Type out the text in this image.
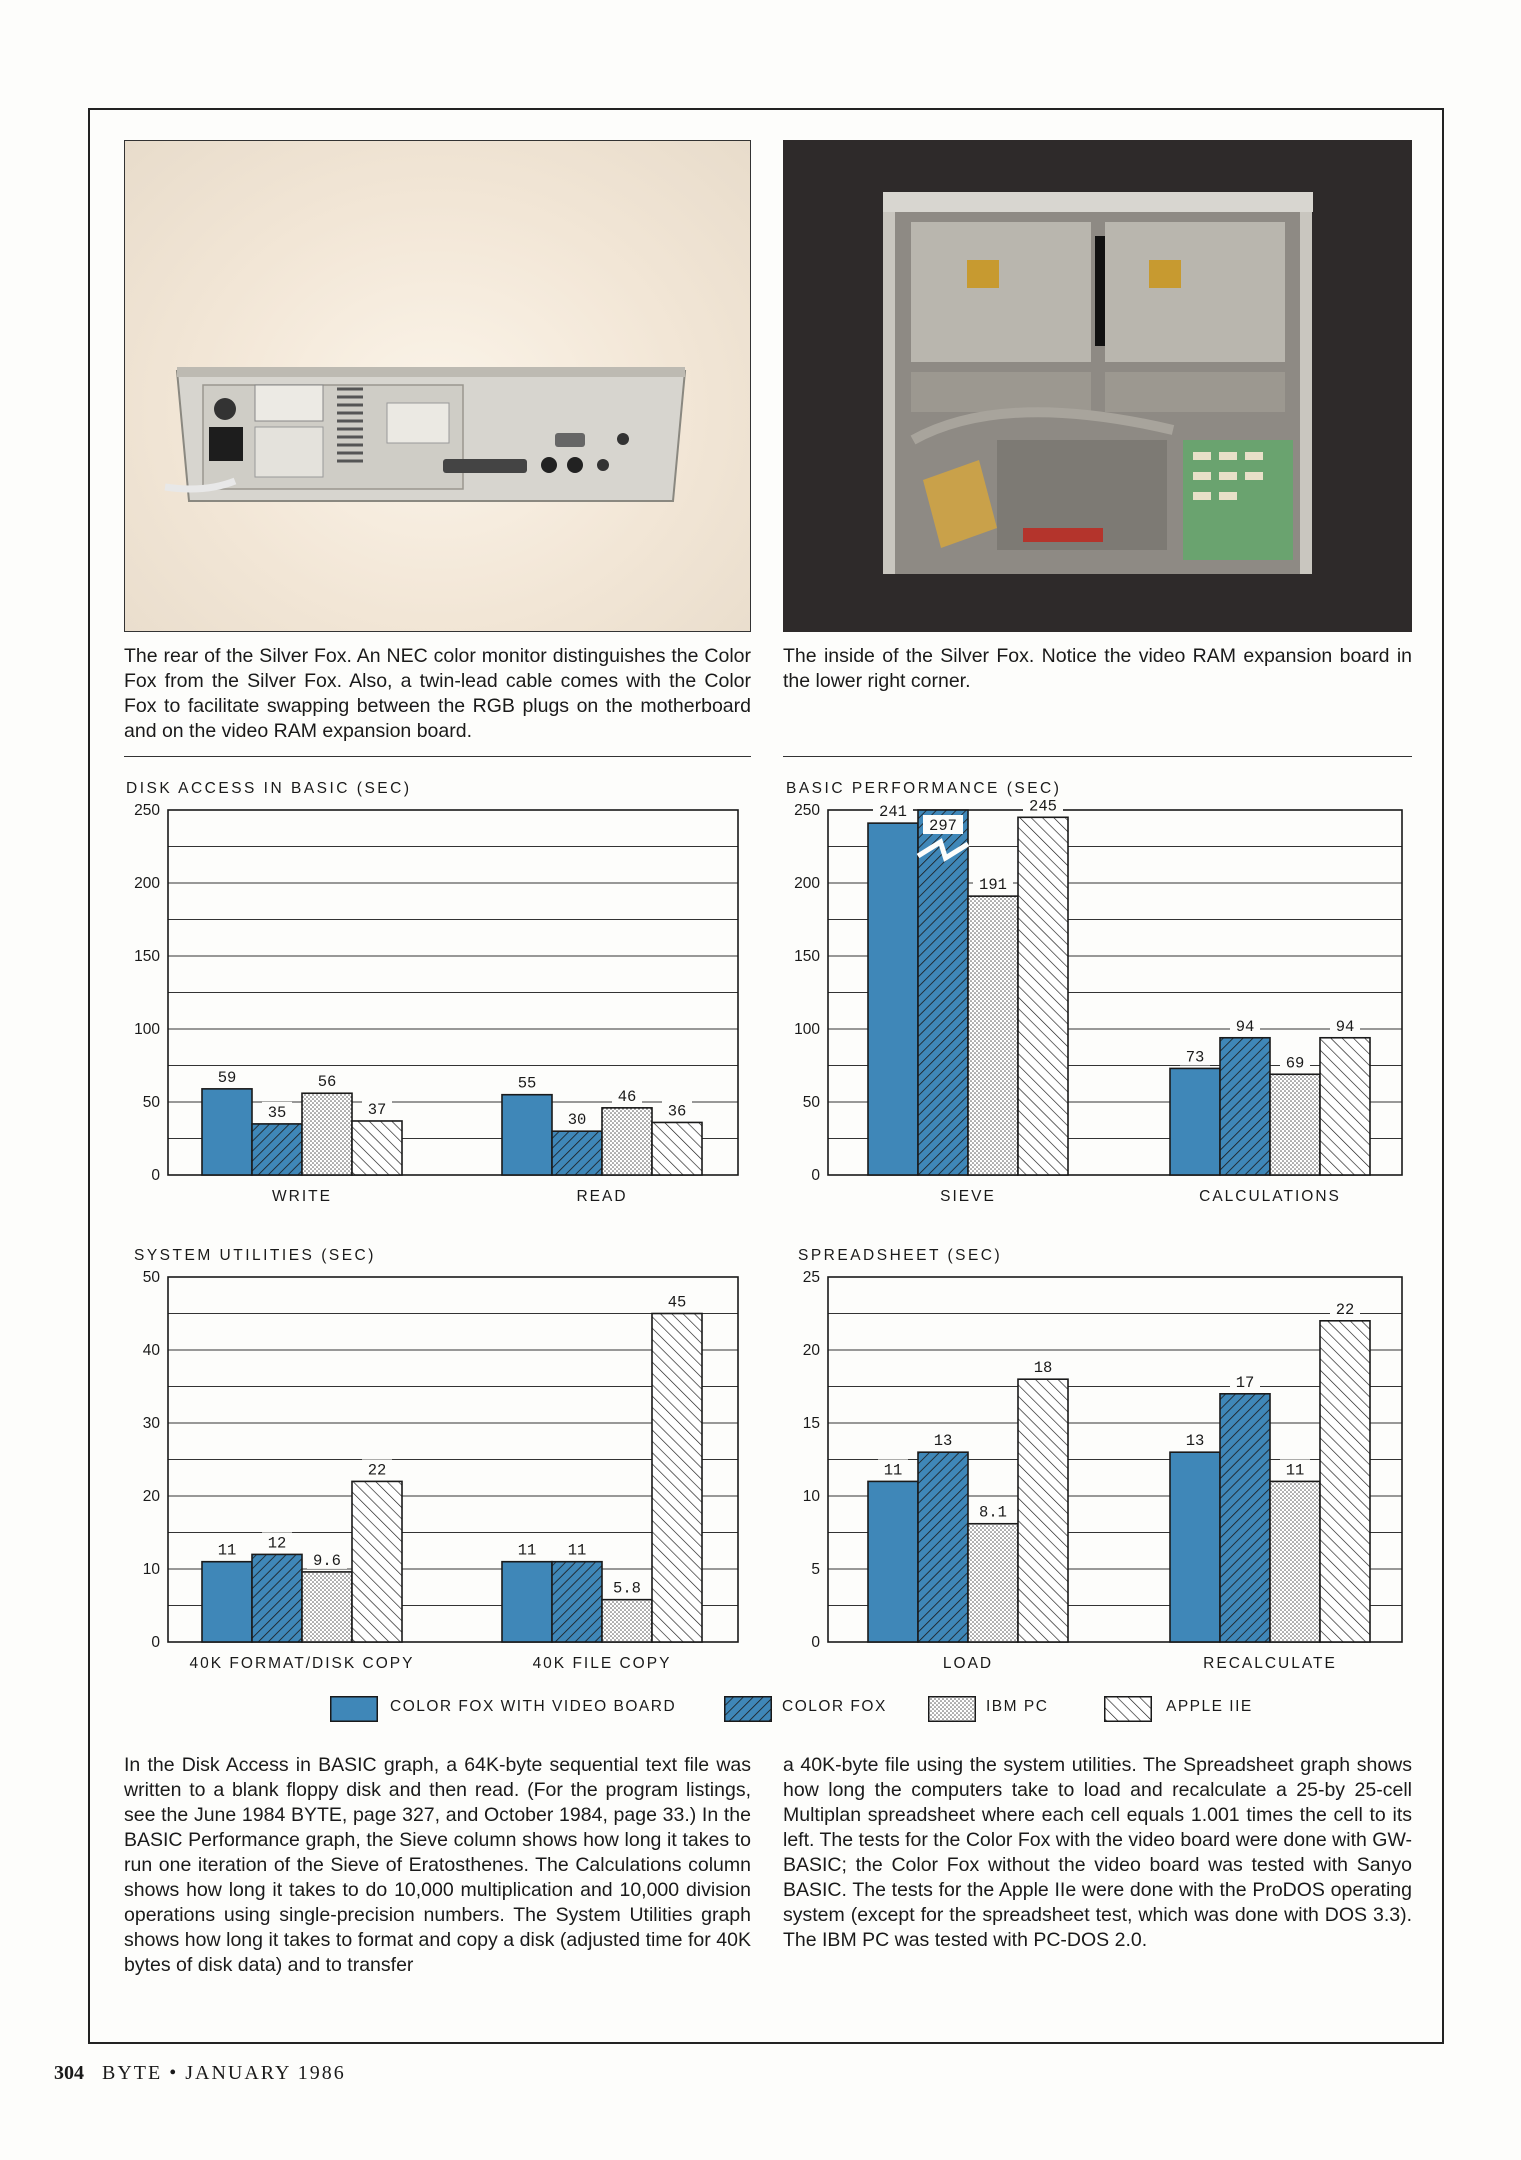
The rear of the Silver Fox. An NEC color monitor distinguishes the Color Fox from the Silver Fox. Also, a twin-lead cable comes with the Color Fox to facilitate swapping between the RGB plugs on the motherboard and on the video RAM expansion board.

The inside of the Silver Fox. Notice the video RAM expansion board in the lower right corner.

DISK ACCESS IN BASIC (SEC)
0
50
100
150
200
250
59
35
56
37
WRITE
55
30
46
36
READ
BASIC PERFORMANCE (SEC)
0
50
100
150
200
250	241
297
191
245
SIEVE
73
94
69
94
CALCULATIONS
SYSTEM UTILITIES (SEC)
0
10
20
30
40
50
11 12
9.6
22
40K FORMAT/DISK COPY
11 11
5.8
45
40K FILE COPY
SPREADSHEET (SEC)
0
5
10
15
20
25
11
13
8.1
18
LOAD
13
17
11
22
RECALCULATE
COLOR FOX WITH VIDEO BOARD	COLOR FOX	IBM PC	APPLE IIE

In the Disk Access in BASIC graph, a 64K-byte sequential text file was written to a blank floppy disk and then read. (For the program listings, see the June 1984 BYTE, page 327, and October 1984, page 33.) In the BASIC Performance graph, the Sieve column shows how long it takes to run one iteration of the Sieve of Eratosthenes. The Calculations column shows how long it takes to do 10,000 multiplication and 10,000 division operations using single-precision numbers. The System Utilities graph shows how long it takes to format and copy a disk (adjusted time for 40K bytes of disk data) and to transfer

a 40K-byte file using the system utilities. The Spreadsheet graph shows how long the computers take to load and recalculate a 25-by 25-cell Multiplan spreadsheet where each cell equals 1.001 times the cell to its left. The tests for the Color Fox with the video board were done with GW-BASIC; the Color Fox without the video board was tested with Sanyo BASIC. The tests for the Apple IIe were done with the ProDOS operating system (except for the spreadsheet test, which was done with DOS 3.3). The IBM PC was tested with PC-DOS 2.0.

304 BYTE • JANUARY 1986
